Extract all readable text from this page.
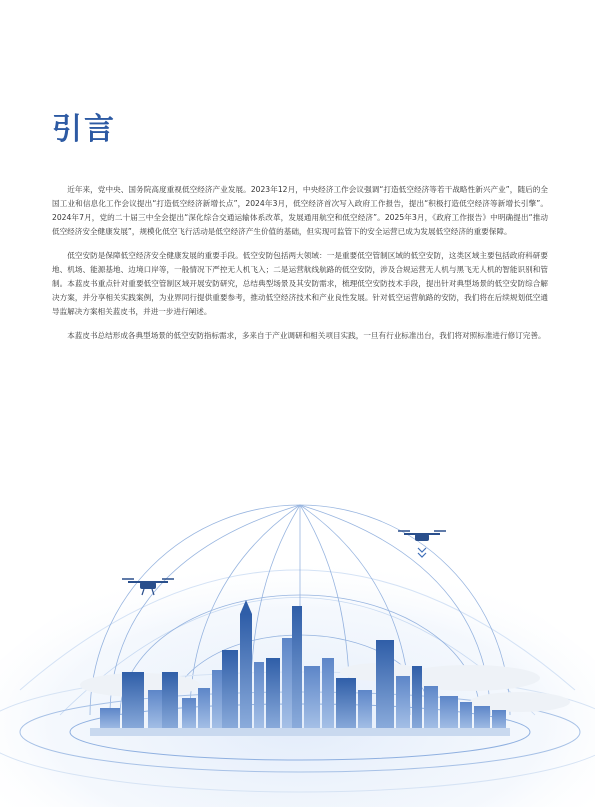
引言

近年来，党中央、国务院高度重视低空经济产业发展。2023年12月，中央经济工作会议强调“打造低空经济等若干战略性新兴产业”，随后的全国工业和信息化工作会议提出“打造低空经济新增长点”，2024年3月，低空经济首次写入政府工作报告，提出“积极打造低空经济等新增长引擎”。2024年7月，党的二十届三中全会提出“深化综合交通运输体系改革，发展通用航空和低空经济”。2025年3月，《政府工作报告》中明确提出“推动低空经济安全健康发展”，规模化低空飞行活动是低空经济产生价值的基础，但实现可监管下的安全运营已成为发展低空经济的重要保障。

低空安防是保障低空经济安全健康发展的重要手段。低空安防包括两大领域：一是重要低空管制区域的低空安防，这类区域主要包括政府科研要地、机场、能源基地、边境口岸等，一般情况下严控无人机飞入；二是运营航线航路的低空安防，涉及合规运营无人机与黑飞无人机的智能识别和管制。本蓝皮书重点针对重要低空管制区域开展安防研究，总结典型场景及其安防需求，梳理低空安防技术手段，提出针对典型场景的低空安防综合解决方案，并分享相关实践案例，为业界同行提供重要参考，推动低空经济技术和产业良性发展。针对低空运营航路的安防，我们将在后续规划低空通导监解决方案相关蓝皮书，并进一步进行阐述。

本蓝皮书总结形成各典型场景的低空安防指标需求，多来自于产业调研和相关项目实践，一旦有行业标准出台，我们将对照标准进行修订完善。
